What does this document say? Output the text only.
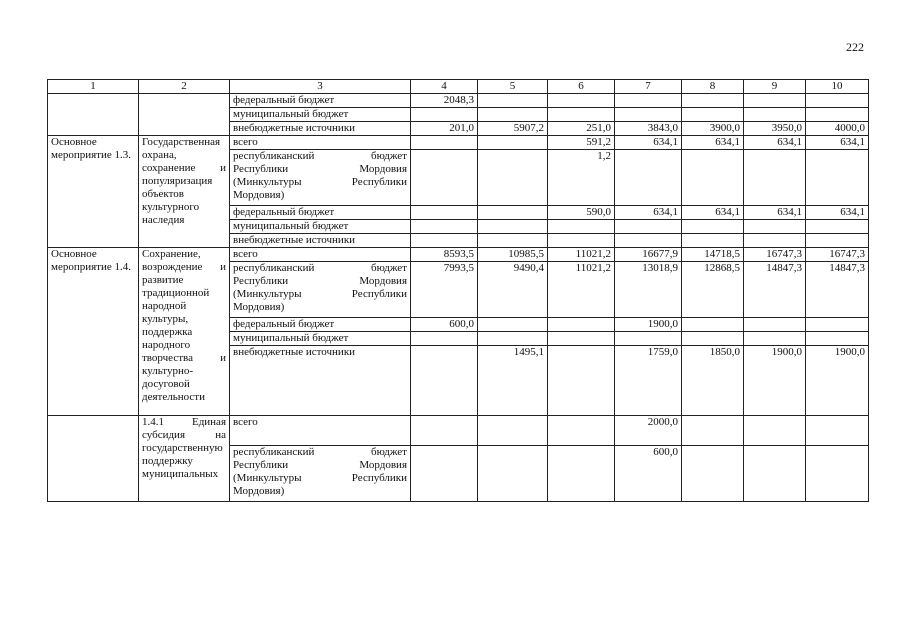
222
1	2	3	4	5	6	7	8	9	10
		федеральный бюджет	2048,3						
		муниципальный бюджет							
		внебюджетные источники	201,0	5907,2	251,0	3843,0	3900,0	3950,0	4000,0
Основное мероприятие 1.3.	Государственная охрана, сохранение и популяризация объектов культурного наследия	всего			591,2	634,1	634,1	634,1	634,1
		республиканский бюджет Республики Мордовия (Минкультуры Республики Мордовия)			1,2				
		федеральный бюджет			590,0	634,1	634,1	634,1	634,1
		муниципальный бюджет							
		внебюджетные источники							
Основное мероприятие 1.4.	Сохранение, возрождение и развитие традиционной народной культуры, поддержка народного творчества и культурно-досуговой деятельности	всего	8593,5	10985,5	11021,2	16677,9	14718,5	16747,3	16747,3
		республиканский бюджет Республики Мордовия (Минкультуры Республики Мордовия)	7993,5	9490,4	11021,2	13018,9	12868,5	14847,3	14847,3
		федеральный бюджет	600,0			1900,0			
		муниципальный бюджет							
		внебюджетные источники		1495,1		1759,0	1850,0	1900,0	1900,0
	1.4.1 Единая субсидия на государственную поддержку муниципальных	всего				2000,0			
		республиканский бюджет Республики Мордовия (Минкультуры Республики Мордовия)				600,0			
